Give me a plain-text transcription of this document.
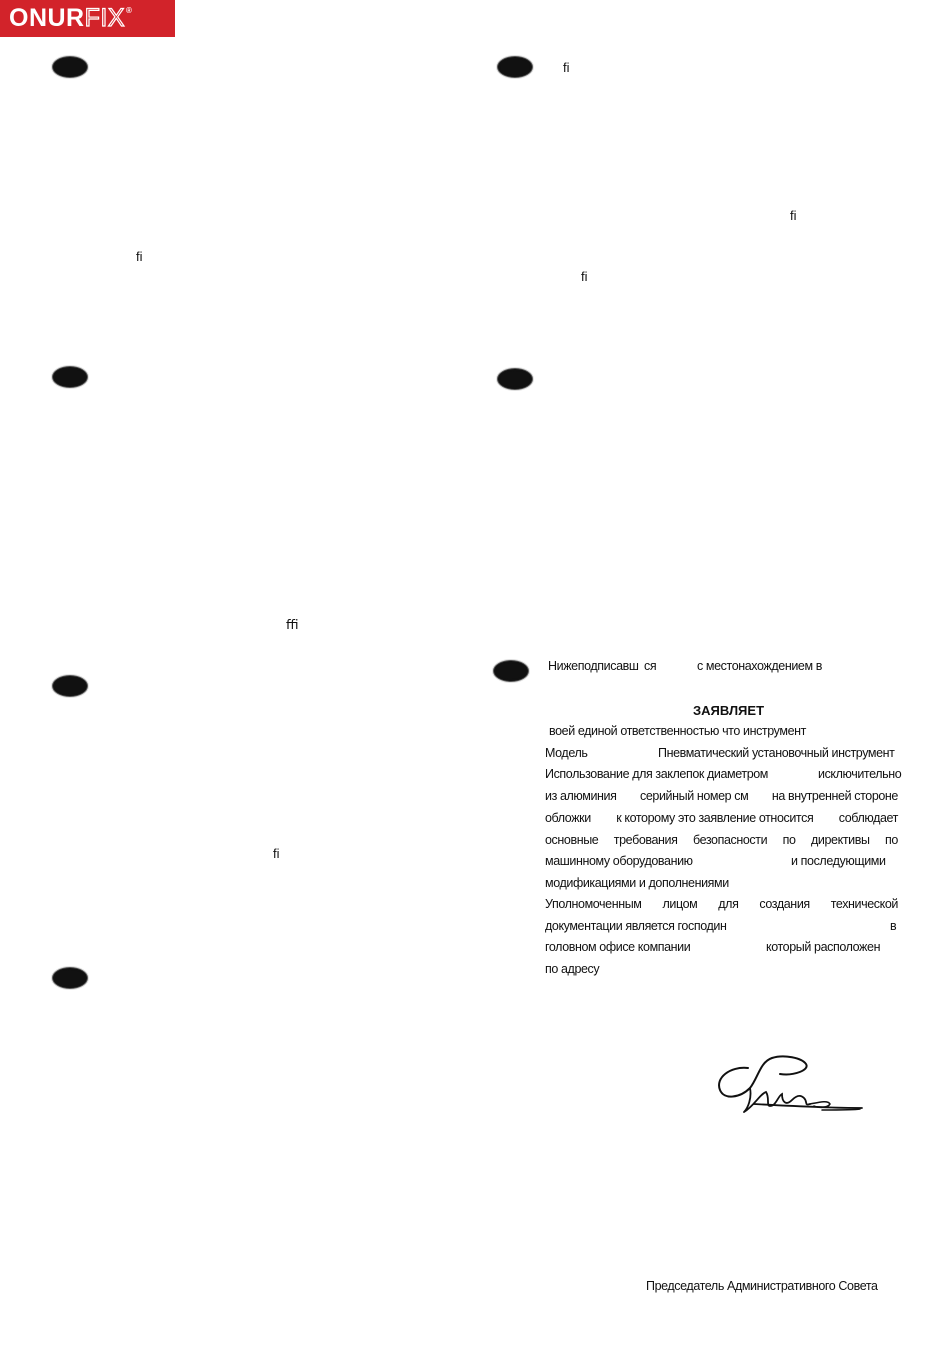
ONUR FIX ®
ﬁ
ﬃ
ﬁ
ﬁ
ﬁ
ﬁ
Нижеподписавш ся	с местонахождением в
ЗАЯВЛЯЕТ
воей единой ответственностью что инструмент
Модель	Пневматический установочный инструмент
Использование для заклепок диаметром	исключительно
из алюминия серийный номер см на внутренней стороне
обложки к которому это заявление относится соблюдает
основные требования безопасности по директивы по
машинному оборудованию	и последующими
модификациями и дополнениями
Уполномоченным лицом для создания технической
документации является господин	в
головном офисе компании	который расположен
по адресу
Председатель Административного Совета
